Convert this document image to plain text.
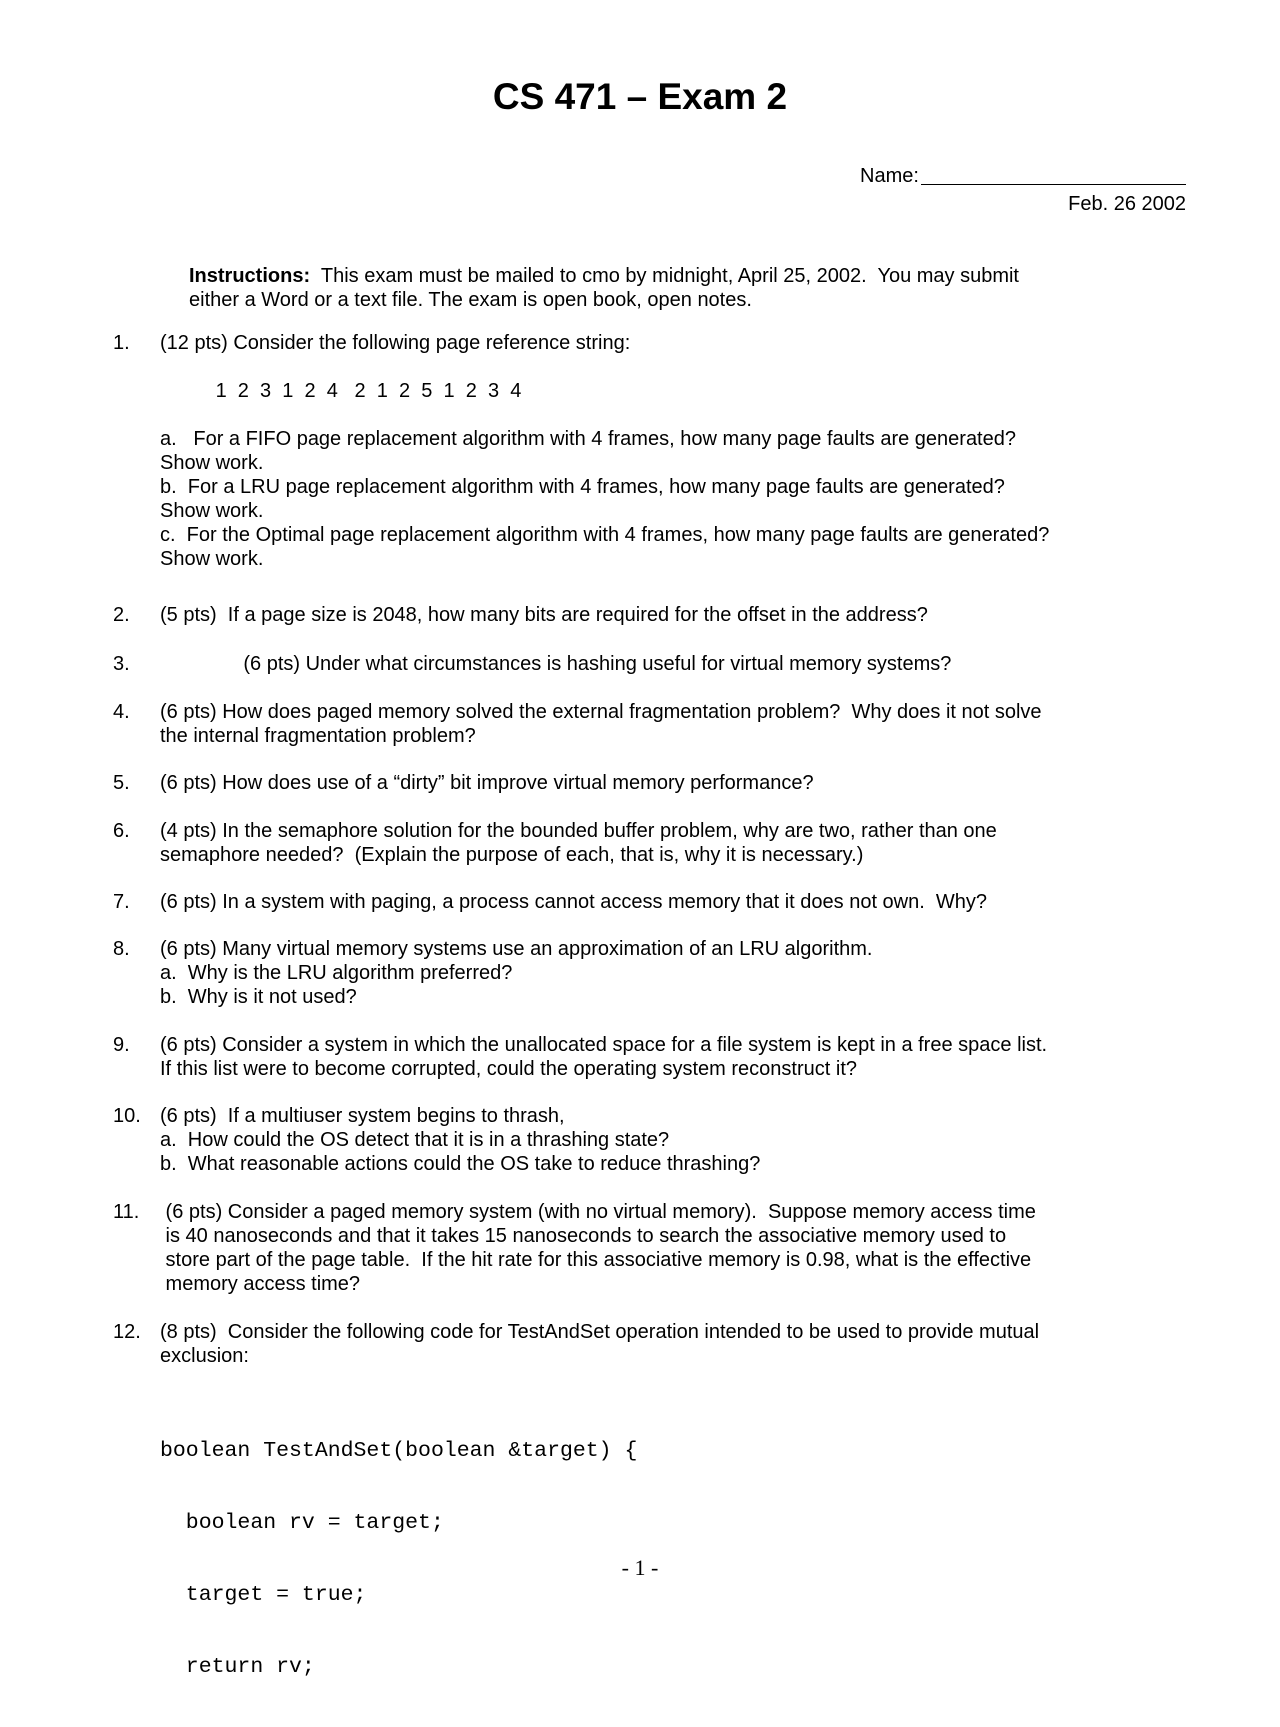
CS 471 – Exam 2
Name:
Feb. 26 2002
Instructions:  This exam must be mailed to cmo by midnight, April 25, 2002.  You may submit
either a Word or a text file. The exam is open book, open notes.
1. (12 pts) Consider the following page reference string:
1  2  3  1  2  4   2  1  2  5  1  2  3  4
a.   For a FIFO page replacement algorithm with 4 frames, how many page faults are generated?
Show work.
b.  For a LRU page replacement algorithm with 4 frames, how many page faults are generated?
Show work.
c.  For the Optimal page replacement algorithm with 4 frames, how many page faults are generated?
Show work.
2. (5 pts)  If a page size is 2048, how many bits are required for the offset in the address?
3. (6 pts) Under what circumstances is hashing useful for virtual memory systems?
4. (6 pts) How does paged memory solved the external fragmentation problem?  Why does it not solve
the internal fragmentation problem?
5. (6 pts) How does use of a “dirty” bit improve virtual memory performance?
6. (4 pts) In the semaphore solution for the bounded buffer problem, why are two, rather than one
semaphore needed?  (Explain the purpose of each, that is, why it is necessary.)
7. (6 pts) In a system with paging, a process cannot access memory that it does not own.  Why?
8. (6 pts) Many virtual memory systems use an approximation of an LRU algorithm.
a.  Why is the LRU algorithm preferred?
b.  Why is it not used?
9. (6 pts) Consider a system in which the unallocated space for a file system is kept in a free space list.
If this list were to become corrupted, could the operating system reconstruct it?
10. (6 pts)  If a multiuser system begins to thrash,
a.  How could the OS detect that it is in a thrashing state?
b.  What reasonable actions could the OS take to reduce thrashing?
11. (6 pts) Consider a paged memory system (with no virtual memory).  Suppose memory access time
is 40 nanoseconds and that it takes 15 nanoseconds to search the associative memory used to
store part of the page table.  If the hit rate for this associative memory is 0.98, what is the effective
memory access time?
12. (8 pts)  Consider the following code for TestAndSet operation intended to be used to provide mutual
exclusion:

boolean TestAndSet(boolean &target) {

boolean rv = target;

target = true;

return rv;

- 1 -
